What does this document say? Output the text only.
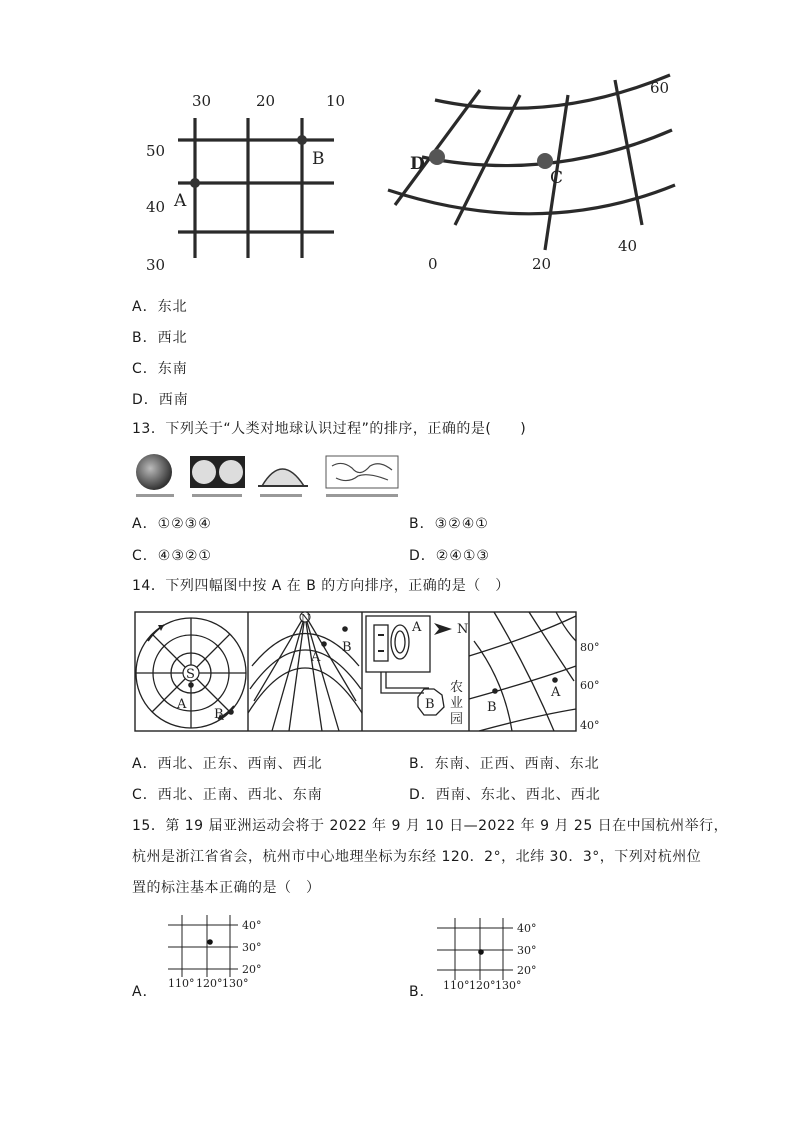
30	20	10
50
40
30
A
B
60
0	20
40
D
C
A．东北
B．西北
C．东南
D．西南
13．下列关于“人类对地球认识过程”的排序，正确的是(　　)
A．①②③④	B．③②④①
C．④③②①	D．②④①③
14．下列四幅图中按 A 在 B 的方向排序，正确的是（　）
S
A
B
N
A
B
N
A
B
农
业
园
B
A
80°
60°
40°
A．西北、正东、西南、西北	B．东南、正西、西南、东北
C．西北、正南、西北、东南	D．西南、东北、西北、西北
15．第 19 届亚洲运动会将于 2022 年 9 月 10 日—2022 年 9 月 25 日在中国杭州举行，
杭州是浙江省省会，杭州市中心地理坐标为东经 120．2°，北纬 30．3°，下列对杭州位
置的标注基本正确的是（　）
A．
40°
30°
20°
110° 120° 130°
B．
40°
30°
20°
110° 120° 130°
